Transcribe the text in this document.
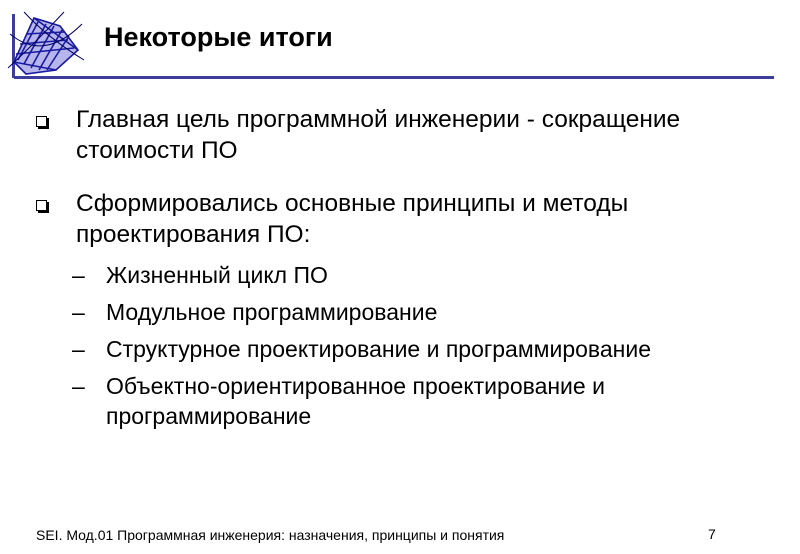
Некоторые итоги
Главная цель программной инженерии - сокращение стоимости ПО
Сформировались основные принципы и методы проектирования ПО:
– Жизненный цикл ПО
– Модульное программирование
– Структурное проектирование и программирование
– Объектно-ориентированное проектирование и программирование
SEI. Мод.01 Программная инженерия: назначения, принципы и понятия	7
